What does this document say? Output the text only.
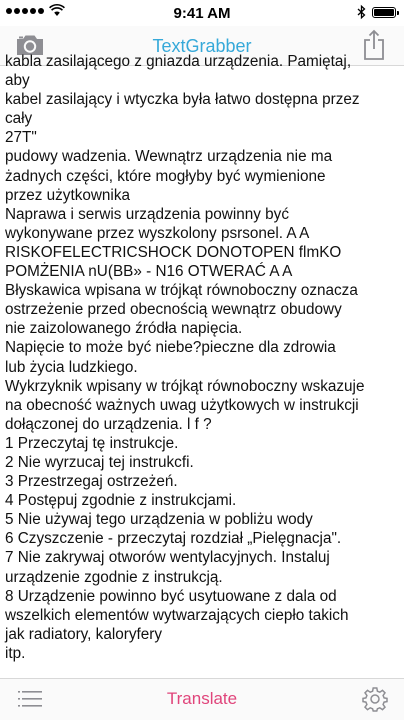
9:41 AM
TextGrabber
kabla zasilającego z gniazda urządzenia. Pamiętaj,
aby
kabel zasilający i wtyczka była łatwo dostępna przez
cały
27T"
pudowy wadzenia. Wewnątrz urządzenia nie ma
żadnych części, które mogłyby być wymienione
przez użytkownika
Naprawa i serwis urządzenia powinny być
wykonywane przez wyszkolony psrsonel. A A
RISKOFELECTRICSHOCK DONOTOPEN flmKO
POMŻENIA nU(BB» - N16 OTWERAĆ A A
Błyskawica wpisana w trójkąt równoboczny oznacza
ostrzeżenie przed obecnością wewnątrz obudowy
nie zaizolowanego źródła napięcia.
Napięcie to może być niebe?pieczne dla zdrowia
lub życia ludzkiego.
Wykrzyknik wpisany w trójkąt równoboczny wskazuje
na obecność ważnych uwag użytkowych w instrukcji
dołączonej do urządzenia. l f ?
1 Przeczytaj tę instrukcje.
2 Nie wyrzucaj tej instrukcfi.
3 Przestrzegaj ostrzeżeń.
4 Postępuj zgodnie z instrukcjami.
5 Nie używaj tego urządzenia w pobliżu wody
6 Czyszczenie - przeczytaj rozdział „Pielęgnacja".
7 Nie zakrywaj otworów wentylacyjnych. Instaluj
urządzenie zgodnie z instrukcją.
8 Urządzenie powinno być usytuowane z dala od
wszelkich elementów wytwarzających ciepło takich
jak radiatory, kaloryfery
itp.
Translate
